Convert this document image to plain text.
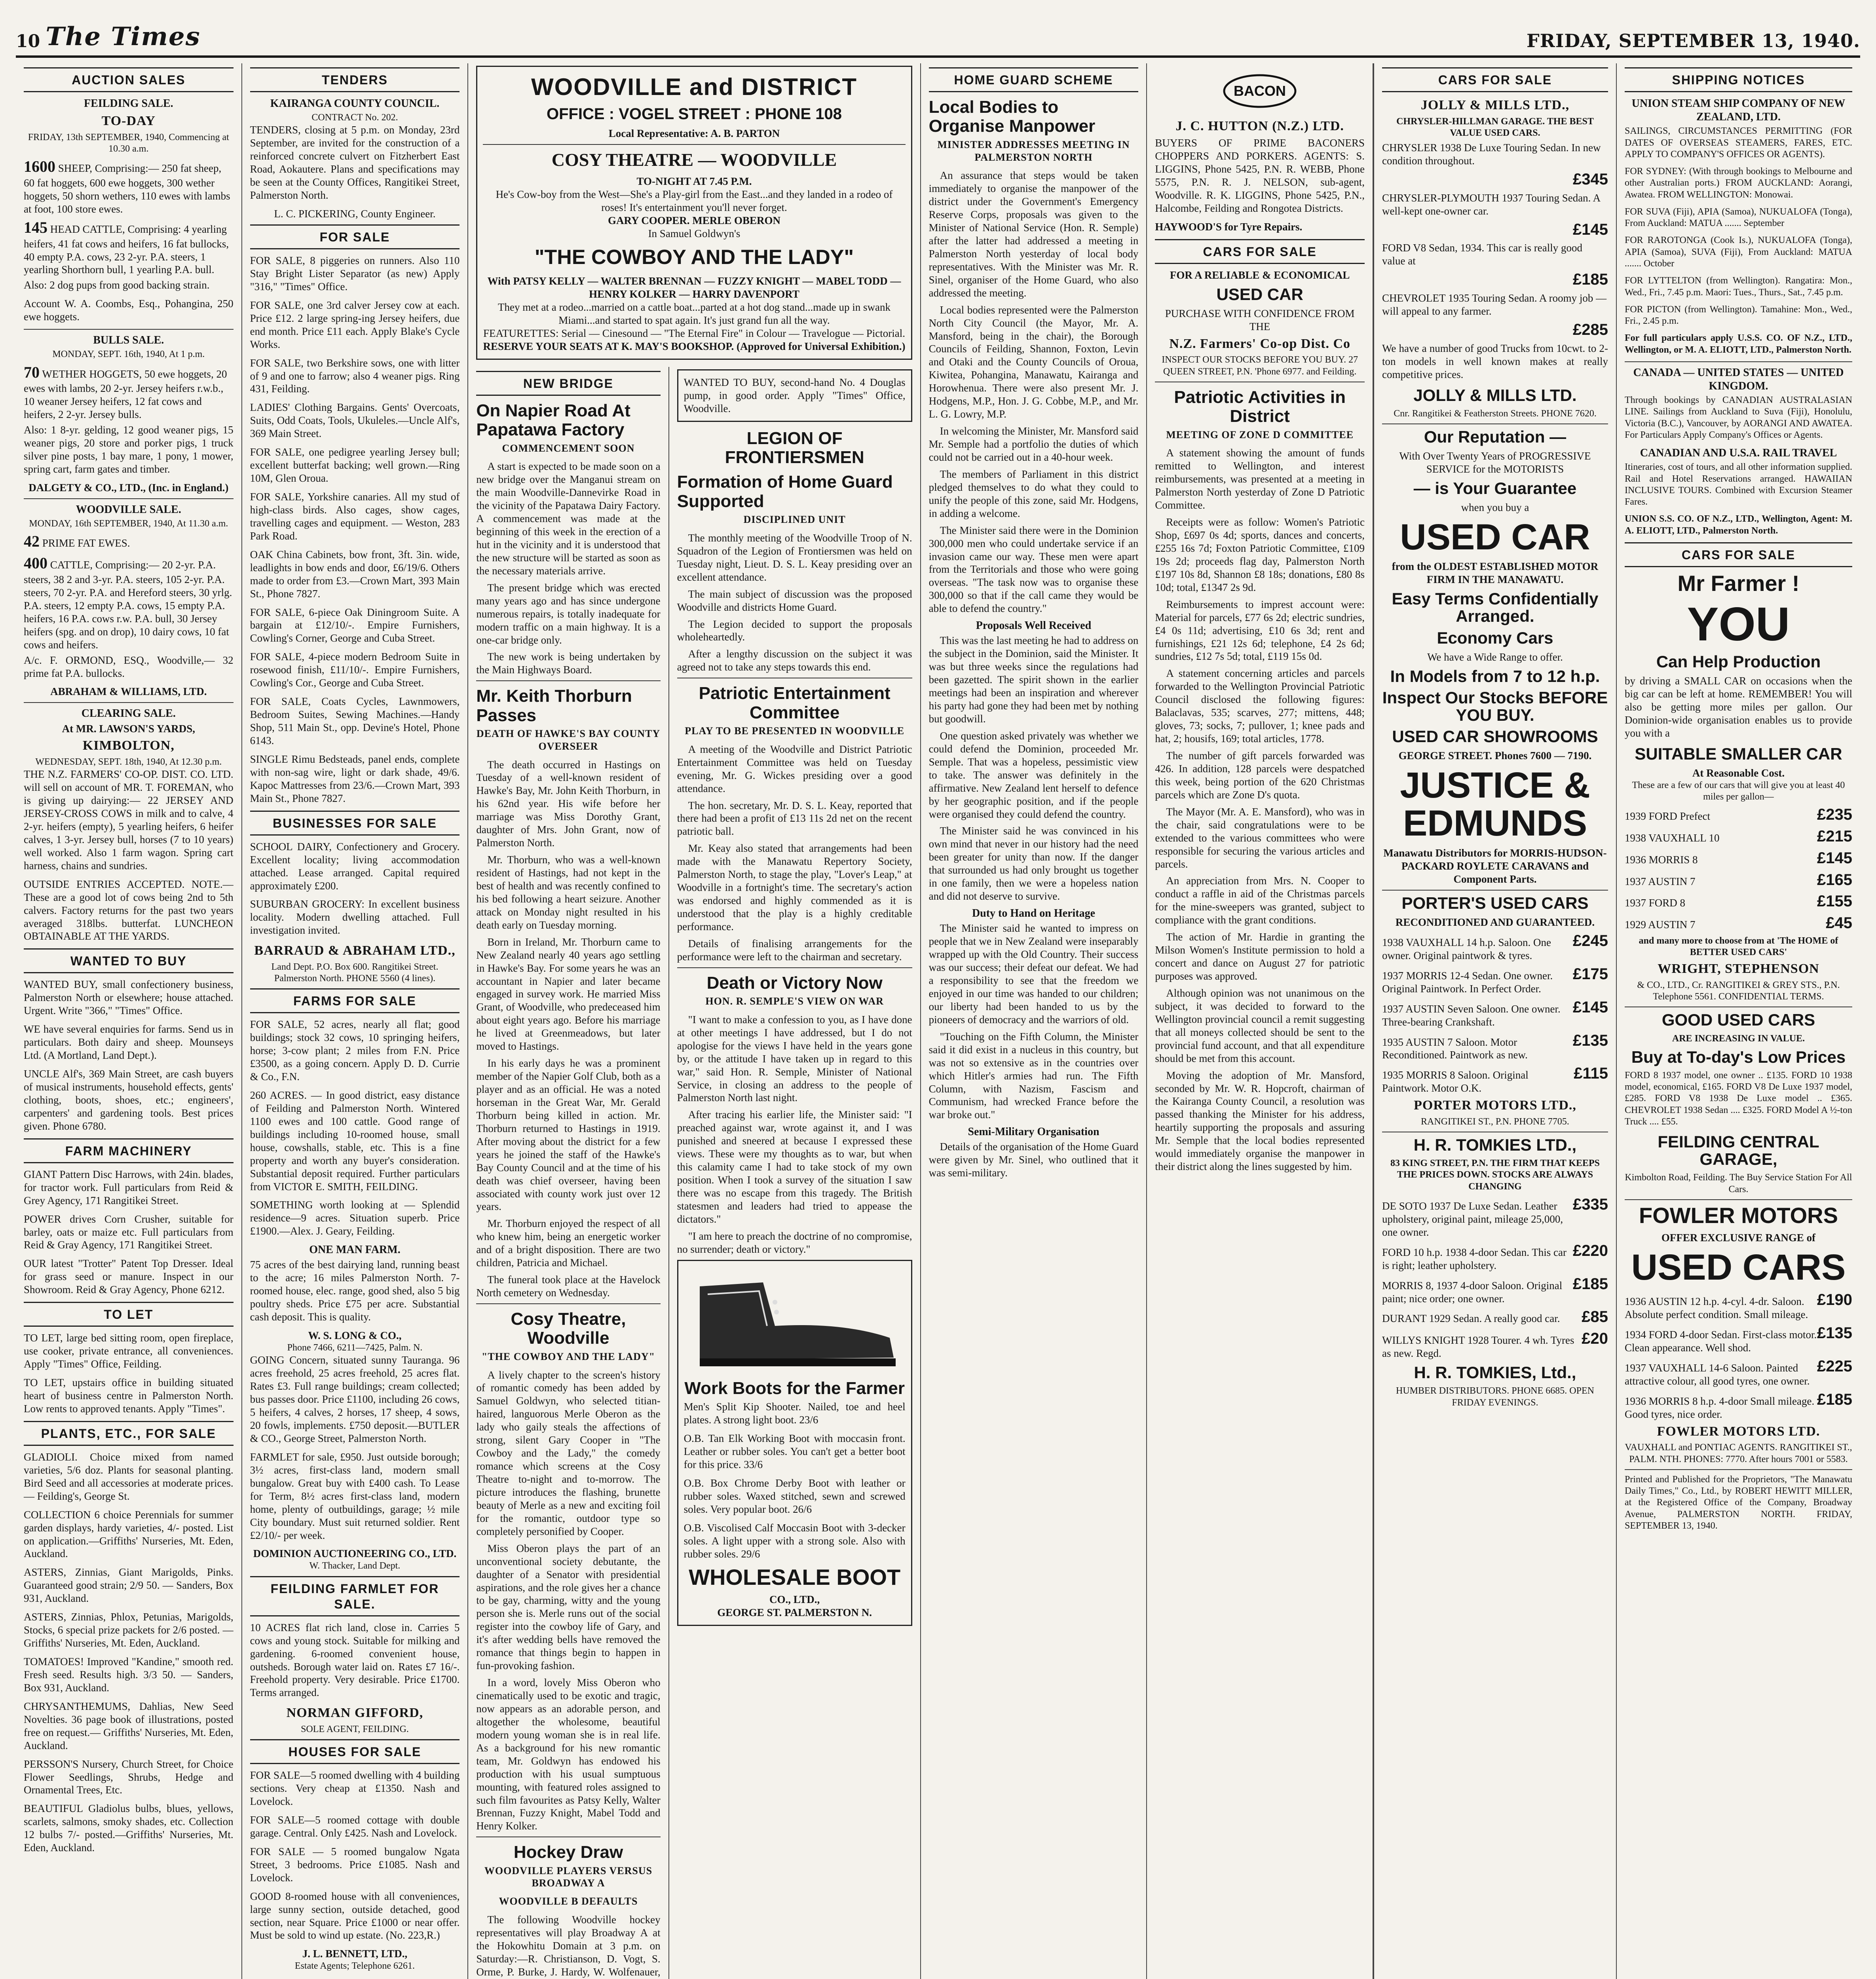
10 The Times	FRIDAY, SEPTEMBER 13, 1940.
AUCTION SALES
FEILDING SALE.
TO-DAY
FRIDAY, 13th SEPTEMBER, 1940, Commencing at 10.30 a.m.
1600 SHEEP, Comprising:— 250 fat sheep, 60 fat hoggets, 600 ewe hoggets, 300 wether hoggets, 50 shorn wethers, 110 ewes with lambs at foot, 100 store ewes.
145 HEAD CATTLE, Comprising: 4 yearling heifers, 41 fat cows and heifers, 16 fat bullocks, 40 empty P.A. cows, 23 2-yr. P.A. steers, 1 yearling Shorthorn bull, 1 yearling P.A. bull.
Also: 2 dog pups from good backing strain.
Account W. A. Coombs, Esq., Pohangina, 250 ewe hoggets.
BULLS SALE.
MONDAY, SEPT. 16th, 1940, At 1 p.m.
70 WETHER HOGGETS, 50 ewe hoggets, 20 ewes with lambs, 20 2-yr. Jersey heifers r.w.b., 10 weaner Jersey heifers, 12 fat cows and heifers, 2 2-yr. Jersey bulls.
Also: 1 8-yr. gelding, 12 good weaner pigs, 15 weaner pigs, 20 store and porker pigs, 1 truck silver pine posts, 1 bay mare, 1 pony, 1 mower, spring cart, farm gates and timber.
DALGETY & CO., LTD., (Inc. in England.)
WOODVILLE SALE.
MONDAY, 16th SEPTEMBER, 1940, At 11.30 a.m.
42 PRIME FAT EWES.
400 CATTLE, Comprising:— 20 2-yr. P.A. steers, 38 2 and 3-yr. P.A. steers, 105 2-yr. P.A. steers, 70 2-yr. P.A. and Hereford steers, 30 yrlg. P.A. steers, 12 empty P.A. cows, 15 empty P.A. heifers, 16 P.A. cows r.w. P.A. bull, 30 Jersey heifers (spg. and on drop), 10 dairy cows, 10 fat cows and heifers.
A/c. F. ORMOND, ESQ., Woodville,— 32 prime fat P.A. bullocks.
ABRAHAM & WILLIAMS, LTD.
CLEARING SALE.
At MR. LAWSON'S YARDS,
KIMBOLTON,
WEDNESDAY, SEPT. 18th, 1940, At 12.30 p.m.
THE N.Z. FARMERS' CO-OP. DIST. CO. LTD. will sell on account of MR. T. FOREMAN, who is giving up dairying:— 22 JERSEY AND JERSEY-CROSS COWS in milk and to calve, 4 2-yr. heifers (empty), 5 yearling heifers, 6 heifer calves, 1 3-yr. Jersey bull, horses (7 to 10 years) well worked. Also 1 farm wagon. Spring cart harness, chains and sundries.
OUTSIDE ENTRIES ACCEPTED. NOTE.—These are a good lot of cows being 2nd to 5th calvers. Factory returns for the past two years averaged 318lbs. butterfat. LUNCHEON OBTAINABLE AT THE YARDS.
WANTED TO BUY
WANTED BUY, small confectionery business, Palmerston North or elsewhere; house attached. Urgent. Write "366," "Times" Office.
WE have several enquiries for farms. Send us in particulars. Both dairy and sheep. Mounseys Ltd. (A Mortland, Land Dept.).
UNCLE Alf's, 369 Main Street, are cash buyers of musical instruments, household effects, gents' clothing, boots, shoes, etc.; engineers', carpenters' and gardening tools. Best prices given. Phone 6780.
FARM MACHINERY
GIANT Pattern Disc Harrows, with 24in. blades, for tractor work. Full particulars from Reid & Grey Agency, 171 Rangitikei Street.
POWER drives Corn Crusher, suitable for barley, oats or maize etc. Full particulars from Reid & Gray Agency, 171 Rangitikei Street.
OUR latest "Trotter" Patent Top Dresser. Ideal for grass seed or manure. Inspect in our Showroom. Reid & Gray Agency, Phone 6212.
TO LET
TO LET, large bed sitting room, open fireplace, use cooker, private entrance, all conveniences. Apply "Times" Office, Feilding.
TO LET, upstairs office in building situated heart of business centre in Palmerston North. Low rents to approved tenants. Apply "Times".
PLANTS, ETC., FOR SALE
GLADIOLI. Choice mixed from named varieties, 5/6 doz. Plants for seasonal planting. Bird Seed and all accessories at moderate prices.— Feilding's, George St.
COLLECTION 6 choice Perennials for summer garden displays, hardy varieties, 4/- posted. List on application.—Griffiths' Nurseries, Mt. Eden, Auckland.
ASTERS, Zinnias, Giant Marigolds, Pinks. Guaranteed good strain; 2/9 50. — Sanders, Box 931, Auckland.
ASTERS, Zinnias, Phlox, Petunias, Marigolds, Stocks, 6 special prize packets for 2/6 posted. —Griffiths' Nurseries, Mt. Eden, Auckland.
TOMATOES! Improved "Kandine," smooth red. Fresh seed. Results high. 3/3 50. — Sanders, Box 931, Auckland.
CHRYSANTHEMUMS, Dahlias, New Seed Novelties. 36 page book of illustrations, posted free on request.— Griffiths' Nurseries, Mt. Eden, Auckland.
PERSSON'S Nursery, Church Street, for Choice Flower Seedlings, Shrubs, Hedge and Ornamental Trees, Etc.
BEAUTIFUL Gladiolus bulbs, blues, yellows, scarlets, salmons, smoky shades, etc. Collection 12 bulbs 7/- posted.—Griffiths' Nurseries, Mt. Eden, Auckland.
TENDERS
KAIRANGA COUNTY COUNCIL.
CONTRACT No. 202.
TENDERS, closing at 5 p.m. on Monday, 23rd September, are invited for the construction of a reinforced concrete culvert on Fitzherbert East Road, Aokautere. Plans and specifications may be seen at the County Offices, Rangitikei Street, Palmerston North.
L. C. PICKERING, County Engineer.
FOR SALE
FOR SALE, 8 piggeries on runners. Also 110 Stay Bright Lister Separator (as new) Apply "316," "Times" Office.
FOR SALE, one 3rd calver Jersey cow at each. Price £12. 2 large spring-ing Jersey heifers, due end month. Price £11 each. Apply Blake's Cycle Works.
FOR SALE, two Berkshire sows, one with litter of 9 and one to farrow; also 4 weaner pigs. Ring 431, Feilding.
LADIES' Clothing Bargains. Gents' Overcoats, Suits, Odd Coats, Tools, Ukuleles.—Uncle Alf's, 369 Main Street.
FOR SALE, one pedigree yearling Jersey bull; excellent butterfat backing; well grown.—Ring 10M, Glen Oroua.
FOR SALE, Yorkshire canaries. All my stud of high-class birds. Also cages, show cages, travelling cages and equipment. — Weston, 283 Park Road.
OAK China Cabinets, bow front, 3ft. 3in. wide, leadlights in bow ends and door, £6/19/6. Others made to order from £3.—Crown Mart, 393 Main St., Phone 7827.
FOR SALE, 6-piece Oak Diningroom Suite. A bargain at £12/10/-. Empire Furnishers, Cowling's Corner, George and Cuba Street.
FOR SALE, 4-piece modern Bedroom Suite in rosewood finish, £11/10/-. Empire Furnishers, Cowling's Cor., George and Cuba Street.
FOR SALE, Coats Cycles, Lawnmowers, Bedroom Suites, Sewing Machines.—Handy Shop, 511 Main St., opp. Devine's Hotel, Phone 6143.
SINGLE Rimu Bedsteads, panel ends, complete with non-sag wire, light or dark shade, 49/6. Kapoc Mattresses from 23/6.—Crown Mart, 393 Main St., Phone 7827.
BUSINESSES FOR SALE
SCHOOL DAIRY, Confectionery and Grocery. Excellent locality; living accommodation attached. Lease arranged. Capital required approximately £200.
SUBURBAN GROCERY: In excellent business locality. Modern dwelling attached. Full investigation invited.
BARRAUD & ABRAHAM LTD.,
Land Dept. P.O. Box 600. Rangitikei Street. Palmerston North. PHONE 5560 (4 lines).
FARMS FOR SALE
FOR SALE, 52 acres, nearly all flat; good buildings; stock 32 cows, 10 springing heifers, horse; 3-cow plant; 2 miles from F.N. Price £3500, as a going concern. Apply D. D. Currie & Co., F.N.
260 ACRES. — In good district, easy distance of Feilding and Palmerston North. Wintered 1100 ewes and 100 cattle. Good range of buildings including 10-roomed house, small house, cowshalls, stable, etc. This is a fine property and worth any buyer's consideration. Substantial deposit required. Further particulars from VICTOR E. SMITH, FEILDING.
SOMETHING worth looking at — Splendid residence—9 acres. Situation superb. Price £1900.—Alex. J. Geary, Feilding.
ONE MAN FARM.
75 acres of the best dairying land, running beast to the acre; 16 miles Palmerston North. 7-roomed house, elec. range, good shed, also 5 big poultry sheds. Price £75 per acre. Substantial cash deposit. This is quality.
W. S. LONG & CO.,
Phone 7466, 6211—7425, Palm. N.
GOING Concern, situated sunny Tauranga. 96 acres freehold, 25 acres freehold, 25 acres flat. Rates £3. Full range buildings; cream collected; bus passes door. Price £1100, including 26 cows, 5 heifers, 4 calves, 2 horses, 17 sheep, 4 sows, 20 fowls, implements. £750 deposit.—BUTLER & CO., George Street, Palmerston North.
FARMLET for sale, £950. Just outside borough; 3½ acres, first-class land, modern small bungalow. Great buy with £400 cash. To Lease for Term, 8½ acres first-class land, modern home, plenty of outbuildings, garage; ½ mile City boundary. Must suit returned soldier. Rent £2/10/- per week.
DOMINION AUCTIONEERING CO., LTD.
W. Thacker, Land Dept.
FEILDING FARMLET FOR SALE.
10 ACRES flat rich land, close in. Carries 5 cows and young stock. Suitable for milking and gardening. 6-roomed convenient house, outsheds. Borough water laid on. Rates £7 16/-. Freehold property. Very desirable. Price £1700. Terms arranged.
NORMAN GIFFORD,
SOLE AGENT, FEILDING.
HOUSES FOR SALE
FOR SALE—5 roomed dwelling with 4 building sections. Very cheap at £1350. Nash and Lovelock.
FOR SALE—5 roomed cottage with double garage. Central. Only £425. Nash and Lovelock.
FOR SALE — 5 roomed bungalow Ngata Street, 3 bedrooms. Price £1085. Nash and Lovelock.
GOOD 8-roomed house with all conveniences, large sunny section, outside detached, good section, near Square. Price £1000 or near offer. Must be sold to wind up estate. (No. 223,R.)
J. L. BENNETT, LTD.,
Estate Agents; Telephone 6261.
WOODVILLE and DISTRICT
OFFICE : VOGEL STREET : PHONE 108
Local Representative: A. B. PARTON
COSY THEATRE — WOODVILLE
TO-NIGHT AT 7.45 P.M.
He's Cow-boy from the West—She's a Play-girl from the East...and they landed in a rodeo of roses! It's entertainment you'll never forget.
GARY COOPER. MERLE OBERON
In Samuel Goldwyn's
"THE COWBOY AND THE LADY"
With PATSY KELLY — WALTER BRENNAN — FUZZY KNIGHT — MABEL TODD — HENRY KOLKER — HARRY DAVENPORT
They met at a rodeo...married on a cattle boat...parted at a hot dog stand...made up in swank Miami...and started to spat again. It's just grand fun all the way.
FEATURETTES: Serial — Cinesound — "The Eternal Fire" in Colour — Travelogue — Pictorial.
RESERVE YOUR SEATS AT K. MAY'S BOOKSHOP. (Approved for Universal Exhibition.)
NEW BRIDGE
On Napier Road At Papatawa Factory
COMMENCEMENT SOON

A start is expected to be made soon on a new bridge over the Manganui stream on the main Woodville-Dannevirke Road in the vicinity of the Papatawa Dairy Factory. A commencement was made at the beginning of this week in the erection of a hut in the vicinity and it is understood that the new structure will be started as soon as the necessary materials arrive.

The present bridge which was erected many years ago and has since undergone numerous repairs, is totally inadequate for modern traffic on a main highway. It is a one-car bridge only.

The new work is being undertaken by the Main Highways Board.

Mr. Keith Thorburn Passes
DEATH OF HAWKE'S BAY COUNTY OVERSEER

The death occurred in Hastings on Tuesday of a well-known resident of Hawke's Bay, Mr. John Keith Thorburn, in his 62nd year. His wife before her marriage was Miss Dorothy Grant, daughter of Mrs. John Grant, now of Palmerston North.

Mr. Thorburn, who was a well-known resident of Hastings, had not kept in the best of health and was recently confined to his bed following a heart seizure. Another attack on Monday night resulted in his death early on Tuesday morning.

Born in Ireland, Mr. Thorburn came to New Zealand nearly 40 years ago settling in Hawke's Bay. For some years he was an accountant in Napier and later became engaged in survey work. He married Miss Grant, of Woodville, who predeceased him about eight years ago. Before his marriage he lived at Greenmeadows, but later moved to Hastings.

In his early days he was a prominent member of the Napier Golf Club, both as a player and as an official. He was a noted horseman in the Great War, Mr. Gerald Thorburn being killed in action. Mr. Thorburn returned to Hastings in 1919. After moving about the district for a few years he joined the staff of the Hawke's Bay County Council and at the time of his death was chief overseer, having been associated with county work just over 12 years.

Mr. Thorburn enjoyed the respect of all who knew him, being an energetic worker and of a bright disposition. There are two children, Patricia and Michael.

The funeral took place at the Havelock North cemetery on Wednesday.

Cosy Theatre, Woodville
"THE COWBOY AND THE LADY"

A lively chapter to the screen's history of romantic comedy has been added by Samuel Goldwyn, who selected titian-haired, languorous Merle Oberon as the lady who gaily steals the affections of strong, silent Gary Cooper in "The Cowboy and the Lady," the comedy romance which screens at the Cosy Theatre to-night and to-morrow. The picture introduces the flashing, brunette beauty of Merle as a new and exciting foil for the romantic, outdoor type so completely personified by Cooper.

Miss Oberon plays the part of an unconventional society debutante, the daughter of a Senator with presidential aspirations, and the role gives her a chance to be gay, charming, witty and the young person she is. Merle runs out of the social register into the cowboy life of Gary, and it's after wedding bells have removed the romance that things begin to happen in fun-provoking fashion.

In a word, lovely Miss Oberon who cinematically used to be exotic and tragic, now appears as an adorable person, and altogether the wholesome, beautiful modern young woman she is in real life. As a background for his new romantic team, Mr. Goldwyn has endowed his production with his usual sumptuous mounting, with featured roles assigned to such film favourites as Patsy Kelly, Walter Brennan, Fuzzy Knight, Mabel Todd and Henry Kolker.

Hockey Draw
WOODVILLE PLAYERS VERSUS BROADWAY A
WOODVILLE B DEFAULTS

The following Woodville hockey representatives will play Broadway A at the Hokowhitu Domain at 3 p.m. on Saturday:—R. Christianson, D. Vogt, S. Orme, P. Burke, J. Hardy, W. Wolfenauer,

WANTED TO BUY, second-hand No. 4 Douglas pump, in good order. Apply "Times" Office, Woodville.
LEGION OF FRONTIERSMEN
Formation of Home Guard Supported
DISCIPLINED UNIT

The monthly meeting of the Woodville Troop of N. Squadron of the Legion of Frontiersmen was held on Tuesday night, Lieut. D. S. L. Keay presiding over an excellent attendance.

The main subject of discussion was the proposed Woodville and districts Home Guard.

The Legion decided to support the proposals wholeheartedly.

After a lengthy discussion on the subject it was agreed not to take any steps towards this end.

Patriotic Entertainment Committee
PLAY TO BE PRESENTED IN WOODVILLE

A meeting of the Woodville and District Patriotic Entertainment Committee was held on Tuesday evening, Mr. G. Wickes presiding over a good attendance.

The hon. secretary, Mr. D. S. L. Keay, reported that there had been a profit of £13 11s 2d net on the recent patriotic ball.

Mr. Keay also stated that arrangements had been made with the Manawatu Repertory Society, Palmerston North, to stage the play, "Lover's Leap," at Woodville in a fortnight's time. The secretary's action was endorsed and highly commended as it is understood that the play is a highly creditable performance.

Details of finalising arrangements for the performance were left to the chairman and secretary.

Death or Victory Now
HON. R. SEMPLE'S VIEW ON WAR

"I want to make a confession to you, as I have done at other meetings I have addressed, but I do not apologise for the views I have held in the years gone by, or the attitude I have taken up in regard to this war," said Hon. R. Semple, Minister of National Service, in closing an address to the people of Palmerston North last night.

After tracing his earlier life, the Minister said: "I preached against war, wrote against it, and I was punished and sneered at because I expressed these views. These were my thoughts as to war, but when this calamity came I had to take stock of my own position. When I took a survey of the situation I saw there was no escape from this tragedy. The British statesmen and leaders had tried to appease the dictators."

"I am here to preach the doctrine of no compromise, no surrender; death or victory."

Work Boots for the Farmer
Men's Split Kip Shooter. Nailed, toe and heel plates. A strong light boot. 23/6
O.B. Tan Elk Working Boot with moccasin front. Leather or rubber soles. You can't get a better boot for this price. 33/6
O.B. Box Chrome Derby Boot with leather or rubber soles. Waxed stitched, sewn and screwed soles. Very popular boot. 26/6
O.B. Viscolised Calf Moccasin Boot with 3-decker soles. A light upper with a strong sole. Also with rubber soles. 29/6
WHOLESALE BOOT
CO., LTD.,
GEORGE ST. PALMERSTON N.
HOME GUARD SCHEME
Local Bodies to Organise Manpower
MINISTER ADDRESSES MEETING IN PALMERSTON NORTH

An assurance that steps would be taken immediately to organise the manpower of the district under the Government's Emergency Reserve Corps, proposals was given to the Minister of National Service (Hon. R. Semple) after the latter had addressed a meeting in Palmerston North yesterday of local body representatives. With the Minister was Mr. R. Sinel, organiser of the Home Guard, who also addressed the meeting.

Local bodies represented were the Palmerston North City Council (the Mayor, Mr. A. Mansford, being in the chair), the Borough Councils of Feilding, Shannon, Foxton, Levin and Otaki and the County Councils of Oroua, Kiwitea, Pohangina, Manawatu, Kairanga and Horowhenua. There were also present Mr. J. Hodgens, M.P., Hon. J. G. Cobbe, M.P., and Mr. L. G. Lowry, M.P.

In welcoming the Minister, Mr. Mansford said Mr. Semple had a portfolio the duties of which could not be carried out in a 40-hour week.

The members of Parliament in this district pledged themselves to do what they could to unify the people of this zone, said Mr. Hodgens, in adding a welcome.

The Minister said there were in the Dominion 300,000 men who could undertake service if an invasion came our way. These men were apart from the Territorials and those who were going overseas. "The task now was to organise these 300,000 so that if the call came they would be able to defend the country."

Proposals Well Received

This was the last meeting he had to address on the subject in the Dominion, said the Minister. It was but three weeks since the regulations had been gazetted. The spirit shown in the earlier meetings had been an inspiration and wherever his party had gone they had been met by nothing but goodwill.

One question asked privately was whether we could defend the Dominion, proceeded Mr. Semple. That was a hopeless, pessimistic view to take. The answer was definitely in the affirmative. New Zealand lent herself to defence by her geographic position, and if the people were organised they could defend the country.

The Minister said he was convinced in his own mind that never in our history had the need been greater for unity than now. If the danger that surrounded us had only brought us together in one family, then we were a hopeless nation and did not deserve to survive.

Duty to Hand on Heritage

The Minister said he wanted to impress on people that we in New Zealand were inseparably wrapped up with the Old Country. Their success was our success; their defeat our defeat. We had a responsibility to see that the freedom we enjoyed in our time was handed to our children; our liberty had been handed to us by the pioneers of democracy and the warriors of old.

"Touching on the Fifth Column, the Minister said it did exist in a nucleus in this country, but was not so extensive as in the countries over which Hitler's armies had run. The Fifth Column, with Nazism, Fascism and Communism, had wrecked France before the war broke out."

Semi-Military Organisation

Details of the organisation of the Home Guard were given by Mr. Sinel, who outlined that it was semi-military.

BACON
J. C. HUTTON (N.Z.) LTD.
BUYERS OF PRIME BACONERS CHOPPERS AND PORKERS. AGENTS: S. LIGGINS, Phone 5425, P.N. R. WEBB, Phone 5575, P.N. R. J. NELSON, sub-agent, Woodville. R. K. LIGGINS, Phone 5425, P.N., Halcombe, Feilding and Rongotea Districts.
HAYWOOD'S for Tyre Repairs.
CARS FOR SALE
FOR A RELIABLE & ECONOMICAL
USED CAR
PURCHASE WITH CONFIDENCE FROM THE
N.Z. Farmers' Co-op Dist. Co
INSPECT OUR STOCKS BEFORE YOU BUY. 27 QUEEN STREET, P.N. 'Phone 6977. and Feilding.
Patriotic Activities in District
MEETING OF ZONE D COMMITTEE

A statement showing the amount of funds remitted to Wellington, and interest reimbursements, was presented at a meeting in Palmerston North yesterday of Zone D Patriotic Committee.

Receipts were as follow: Women's Patriotic Shop, £697 0s 4d; sports, dances and concerts, £255 16s 7d; Foxton Patriotic Committee, £109 19s 2d; proceeds flag day, Palmerston North £197 10s 8d, Shannon £8 18s; donations, £80 8s 10d; total, £1347 2s 9d.

Reimbursements to imprest account were: Material for parcels, £77 6s 2d; electric sundries, £4 0s 11d; advertising, £10 6s 3d; rent and furnishings, £21 12s 6d; telephone, £4 2s 6d; sundries, £12 7s 5d; total, £119 15s 0d.

A statement concerning articles and parcels forwarded to the Wellington Provincial Patriotic Council disclosed the following figures: Balaclavas, 535; scarves, 277; mittens, 448; gloves, 73; socks, 7; pullover, 1; knee pads and hat, 2; housifs, 169; total articles, 1778.

The number of gift parcels forwarded was 426. In addition, 128 parcels were despatched this week, being portion of the 620 Christmas parcels which are Zone D's quota.

The Mayor (Mr. A. E. Mansford), who was in the chair, said congratulations were to be extended to the various committees who were responsible for securing the various articles and parcels.

An appreciation from Mrs. N. Cooper to conduct a raffle in aid of the Christmas parcels for the mine-sweepers was granted, subject to compliance with the grant conditions.

The action of Mr. Hardie in granting the Milson Women's Institute permission to hold a concert and dance on August 27 for patriotic purposes was approved.

Although opinion was not unanimous on the subject, it was decided to forward to the Wellington provincial council a remit suggesting that all moneys collected should be sent to the provincial fund account, and that all expenditure should be met from this account.

Moving the adoption of Mr. Mansford, seconded by Mr. W. R. Hopcroft, chairman of the Kairanga County Council, a resolution was passed thanking the Minister for his address, heartily supporting the proposals and assuring Mr. Semple that the local bodies represented would immediately organise the manpower in their district along the lines suggested by him.

CARS FOR SALE
JOLLY & MILLS LTD.,
CHRYSLER-HILLMAN GARAGE. THE BEST VALUE USED CARS.
CHRYSLER 1938 De Luxe Touring Sedan. In new condition throughout.
£345
CHRYSLER-PLYMOUTH 1937 Touring Sedan. A well-kept one-owner car.
£145
FORD V8 Sedan, 1934. This car is really good value at
£185
CHEVROLET 1935 Touring Sedan. A roomy job — will appeal to any farmer.
£285
We have a number of good Trucks from 10cwt. to 2-ton models in well known makes at really competitive prices.
JOLLY & MILLS LTD.
Cnr. Rangitikei & Featherston Streets. PHONE 7620.
Our Reputation —
With Over Twenty Years of PROGRESSIVE SERVICE for the MOTORISTS
— is Your Guarantee
when you buy a
USED CAR
from the OLDEST ESTABLISHED MOTOR FIRM IN THE MANAWATU.
Easy Terms Confidentially Arranged.
Economy Cars
We have a Wide Range to offer.
In Models from 7 to 12 h.p.
Inspect Our Stocks BEFORE YOU BUY.
USED CAR SHOWROOMS
GEORGE STREET. Phones 7600 — 7190.
JUSTICE & EDMUNDS
Manawatu Distributors for MORRIS-HUDSON-PACKARD ROYLETE CARAVANS and Component Parts.
PORTER'S USED CARS
RECONDITIONED AND GUARANTEED.
1938 VAUXHALL 14 h.p. Saloon. One owner. Original paintwork & tyres.
£245
1937 MORRIS 12-4 Sedan. One owner. Original Paintwork. In Perfect Order.
£175
1937 AUSTIN Seven Saloon. One owner. Three-bearing Crankshaft.
£145
1935 AUSTIN 7 Saloon. Motor Reconditioned. Paintwork as new.
£135
1935 MORRIS 8 Saloon. Original Paintwork. Motor O.K.
£115
PORTER MOTORS LTD.,
RANGITIKEI ST., P.N. PHONE 7705.
H. R. TOMKIES LTD.,
83 KING STREET, P.N. THE FIRM THAT KEEPS THE PRICES DOWN. STOCKS ARE ALWAYS CHANGING
DE SOTO 1937 De Luxe Sedan. Leather upholstery, original paint, mileage 25,000, one owner.
£335
FORD 10 h.p. 1938 4-door Sedan. This car is right; leather upholstery.
£220
MORRIS 8, 1937 4-door Saloon. Original paint; nice order; one owner.
£185
DURANT 1929 Sedan. A really good car. £85
WILLYS KNIGHT 1928 Tourer. 4 wh. Tyres as new. Regd.
£20
H. R. TOMKIES, Ltd.,
HUMBER DISTRIBUTORS. PHONE 6685. OPEN FRIDAY EVENINGS.
SHIPPING NOTICES
UNION STEAM SHIP COMPANY OF NEW ZEALAND, LTD.
SAILINGS, CIRCUMSTANCES PERMITTING (FOR DATES OF OVERSEAS STEAMERS, FARES, ETC. APPLY TO COMPANY'S OFFICES OR AGENTS).
FOR SYDNEY: (With through bookings to Melbourne and other Australian ports.) FROM AUCKLAND: Aorangi, Awatea. FROM WELLINGTON: Monowai.
FOR SUVA (Fiji), APIA (Samoa), NUKUALOFA (Tonga), From Auckland: MATUA ....... September
FOR RAROTONGA (Cook Is.), NUKUALOFA (Tonga), APIA (Samoa), SUVA (Fiji), From Auckland: MATUA ....... October
FOR LYTTELTON (from Wellington). Rangatira: Mon., Wed., Fri., 7.45 p.m. Maori: Tues., Thurs., Sat., 7.45 p.m.
FOR PICTON (from Wellington). Tamahine: Mon., Wed., Fri., 2.45 p.m.
For full particulars apply U.S.S. CO. OF N.Z., LTD., Wellington, or M. A. ELIOTT, LTD., Palmerston North.
CANADA — UNITED STATES — UNITED KINGDOM.
Through bookings by CANADIAN AUSTRALASIAN LINE. Sailings from Auckland to Suva (Fiji), Honolulu, Victoria (B.C.), Vancouver, by AORANGI AND AWATEA. For Particulars Apply Company's Offices or Agents.
CANADIAN AND U.S.A. RAIL TRAVEL
Itineraries, cost of tours, and all other information supplied. Rail and Hotel Reservations arranged. HAWAIIAN INCLUSIVE TOURS. Combined with Excursion Steamer Fares.
UNION S.S. CO. OF N.Z., LTD., Wellington, Agent: M. A. ELIOTT, LTD., Palmerston North.
CARS FOR SALE
Mr Farmer !
YOU
Can Help Production
by driving a SMALL CAR on occasions when the big car can be left at home. REMEMBER! You will also be getting more miles per gallon. Our Dominion-wide organisation enables us to provide you with a
SUITABLE SMALLER CAR
At Reasonable Cost.
These are a few of our cars that will give you at least 40 miles per gallon—
1939 FORD Prefect	£235
1938 VAUXHALL 10	£215
1936 MORRIS 8	£145
1937 AUSTIN 7	£165
1937 FORD 8	£155
1929 AUSTIN 7	£45
and many more to choose from at 'The HOME of BETTER USED CARS'
WRIGHT, STEPHENSON
& CO., LTD., Cr. RANGITIKEI & GREY STS., P.N. Telephone 5561. CONFIDENTIAL TERMS.
GOOD USED CARS
ARE INCREASING IN VALUE.
Buy at To-day's Low Prices
FORD 8 1937 model, one owner .. £135. FORD 10 1938 model, economical, £165. FORD V8 De Luxe 1937 model, £285. FORD V8 1938 De Luxe model .. £365. CHEVROLET 1938 Sedan .... £325. FORD Model A ½-ton Truck .... £55.
FEILDING CENTRAL GARAGE,
Kimbolton Road, Feilding. The Buy Service Station For All Cars.
FOWLER MOTORS
OFFER EXCLUSIVE RANGE of
USED CARS
1936 AUSTIN 12 h.p. 4-cyl. 4-dr. Saloon. Absolute perfect condition. Small mileage.
£190
1934 FORD 4-door Sedan. First-class motor. Clean appearance. Well shod.
£135
1937 VAUXHALL 14-6 Saloon. Painted attractive colour, all good tyres, one owner.
£225
1936 MORRIS 8 h.p. 4-door Small mileage. Good tyres, nice order.
£185
FOWLER MOTORS LTD.
VAUXHALL and PONTIAC AGENTS. RANGITIKEI ST., PALM. NTH. PHONES: 7770. After hours 7001 or 5583.
Printed and Published for the Proprietors, "The Manawatu Daily Times," Co., Ltd., by ROBERT HEWITT MILLER, at the Registered Office of the Company, Broadway Avenue, PALMERSTON NORTH. FRIDAY, SEPTEMBER 13, 1940.
